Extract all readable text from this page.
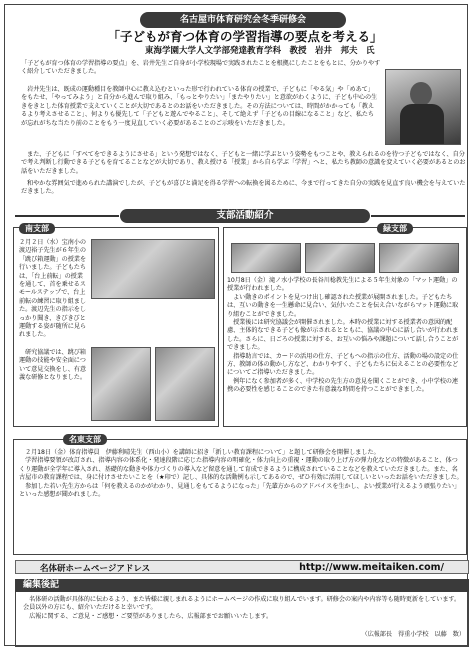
名古屋市体育研究会冬季研修会
「子どもが育つ体育の学習指導の要点を考える」
東海学園大学人文学部発達教育学科　教授　岩井　邦夫　氏
「子どもが育つ体育の学習指導の要点」を、岩井先生ご自身が小学校現場で実践されたことを根拠にしたことをもとに、分かりやすく紹介していただきました。
岩井先生は、既成の運動種目を教師中心に教え込むといった形で行われている体育の授業で、子どもに「やる気」や「めあて」をもたせ、「やってみよう」と自分から進んで取り組み、「もっとやりたい」「またやりたい」と意欲がわくように、子ども中心の生きをきとした体育授業で支えていくことが大切であるとのお話をいただきました。その方法については、時間がかかっても「教えるより考えさせること」、何よりも優先して「子どもと遊んでやること」、そして絶えず「子どもの目線になること」など、私たちが忘れがちな当たり前のことをもう一度見直していく必要があることのご示唆をいただきました。
また、子どもに「すべてをできるようにさせる」という発想ではなく、子どもと一緒に学ぶという姿勢をもつことや、教えられるのを待つ子どもではなく、自分で考え判断し行動できる子どもを育てることなどが大切であり、教え授ける「授業」から自ら学ぶ「学習」へと、私たち教師の意識を変えていく必要があるとのお話をいただきました。
和やかな雰囲気で進められた講演でしたが、子どもが喜びと満足を得る学習への転換を図るために、今まで行ってきた自分の実践を見直す良い機会を与えていただきました。
支部活動紹介
南支部
２月２日（水）宝南小の渡辺裕子先生が６年生の「跳び箱運動」の授業を行いました。子どもたちは、「台上前転」の授業を通して、首を乗せるスモールステップで、台上前転の練習に取り組ました。渡辺先生の指示をしっかり聞き、きびきびと運動する姿が随所に見られました。
研究協議では、跳び箱運動の技能や安全面について意見交換をし、有意義な研修となりました。
緑支部
10月8日（金）滝ノ水小学校の長谷川稔教先生による５年生対象の「マット運動」の授業が行われました。
　よい動きのポイントを見つけ出し確認された授業が展開されました。子どもたちは、互いの動きを一生懸命に見合い、気付いたことを伝え合いながらマット運動に取り組むことができました。
　授業後には研究協議会が開催されました。本時の授業に対する授業者の意図的配慮、主体的なできる子ども像が示されるとともに、協議の中心に話し合いが行われました。さらに、日ごろの授業に対する、お互いの悩みや課題について話し合うことができました。
　指導助言では、カードの活用の仕方、子どもへの指示の仕方、活動の場の設定の仕方、教師の体の動かし方など、わかりやすく、子どもたちに伝えることの必要性などについてご指導いただきました。
　例年になく参加者が多く、中学校の先生方の意見を聞くことができ、小中学校の連携の必要性を感じることのできた有意義な時間を持つことができました。
名東支部
２月18日（金）体育指導員　伊藤利晴先生（西山小）を講師に招き「新しい教育課程について」と題して研修会を開催しました。
　学習指導要領が改訂され、指導内容の体系化・発達段階に応じた指導内容の明確化・体力向上の重視・運動の取り上げ方の弾力化などの特徴があること、体つくり運動が全学年に導入され、基礎的な動きや体力づくりの導入など留意を通して育成できるように構成されていることなどを教えていただきました。また、名古屋市の教育課程では、身に付けさせたいことを（★印で）記し、具体的な活動例も示してあるので、ぜひ有効に活用してほしいといったお話をいただきました。
　参加した若い先生方からは「何を教えるのかがわかり、見通しをもてるようになった」「先輩方からのアドバイスを生かし、よい授業が行えるよう頑張りたい」といった感想が聞かれました。
名体研ホームページアドレス	http://www.meitaiken.com/
編集後記
名体研の活動が具体的に伝わるよう、また皆様に親しまれるようにホームページの作成に取り組んでいます。研修会の案内や内容等も随時更新をしています。会員以外の方にも、紹介いただけると幸いです。
　広報に関する、ご意見・ご感想・ご要望がありましたら、広報部までお願いいたします。
（広報部長　得重小学校　以藤　数）
